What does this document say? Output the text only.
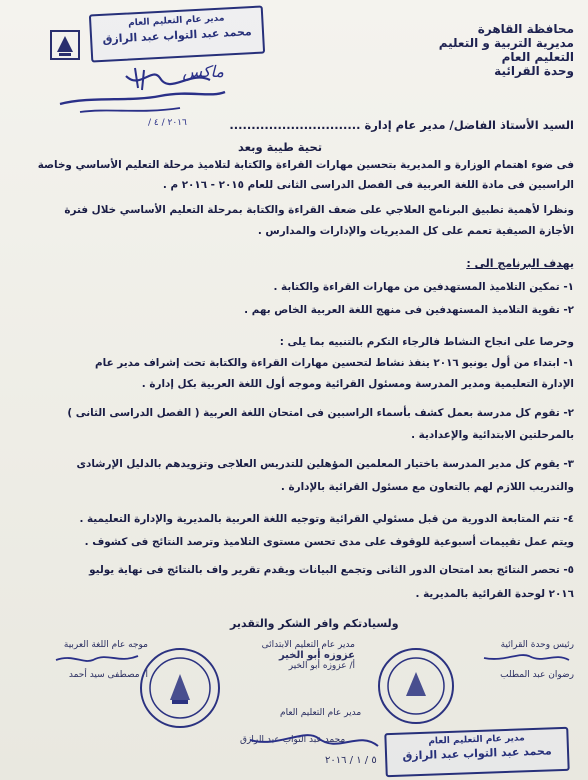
محافظة القاهرة
مديرية التربية و التعليم
التعليم العام
وحدة القرائية
مدير عام التعليم العام
محمد عبد التواب عبد الرازق
ماكس
٢٠١٦ / ٤ /	السيد الأستاذ الفاضل/ مدير عام إدارة ..............................
تحية طيبة وبعد
فى ضوء اهتمام الوزارة و المديرية بتحسين مهارات القراءة والكتابة لتلاميذ مرحلة التعليم الأساسي وخاصة
الراسبين فى مادة اللغة العربية فى الفصل الدراسى الثانى للعام ٢٠١٥ - ٢٠١٦ م .
ونظرا لأهمية تطبيق البرنامج العلاجي على ضعف القراءة والكتابة بمرحلة التعليم الأساسي خلال فترة
الأجازة الصيفية تعمم على كل المديريات والإدارات والمدارس .
يهدف البرنامج الى :
١- تمكين التلاميذ المستهدفين من مهارات القراءة والكتابة .
٢- تقوية التلاميذ المستهدفين فى منهج اللغة العربية الخاص بهم .
وحرصا على انجاح النشاط فالرجاء التكرم بالتنبيه بما يلى :
١- ابتداء من أول يونيو ٢٠١٦ ينفذ نشاط لتحسين مهارات القراءة والكتابة تحت إشراف مدير عام
الإدارة التعليمية ومدير المدرسة ومسئول القرائية وموجه أول اللغة العربية بكل إدارة .
٢- تقوم كل مدرسة بعمل كشف بأسماء الراسبين فى امتحان اللغة العربية ( الفصل الدراسى الثانى )
بالمرحلتين الابتدائية والإعدادية .
٣- يقوم كل مدير المدرسة باختيار المعلمين المؤهلين للتدريس العلاجى وتزويدهم بالدليل الإرشادى
والتدريب اللازم لهم بالتعاون مع مسئول القرائية بالإدارة .
٤- تتم المتابعة الدورية من قبل مسئولي القرائية وتوجيه اللغة العربية بالمديرية والإدارة التعليمية .
ويتم عمل تقييمات أسبوعية للوقوف على مدى تحسن مستوى التلاميذ وترصد النتائج فى كشوف .
٥- تحصر النتائج بعد امتحان الدور الثانى وتجمع البيانات ويقدم تقرير واف بالنتائج فى نهاية يوليو
٢٠١٦ لوحدة القرائية بالمديرية .
ولسيادتكم وافر الشكر والتقدير
رئيس وحدة القرائية
رضوان عبد المطلب
مدير عام التعليم الابتدائى
عزوزه أبو الخير
أ/ عزوزه أبو الخير
موجه عام اللغة العربية
أ/ مصطفى سيد أحمد
مدير عام التعليم العام
مدير عام التعليم العام
محمد عبد التواب عبد الرازق
محمد عبد التواب عبد الرازق
٥ / ١ / ٢٠١٦
